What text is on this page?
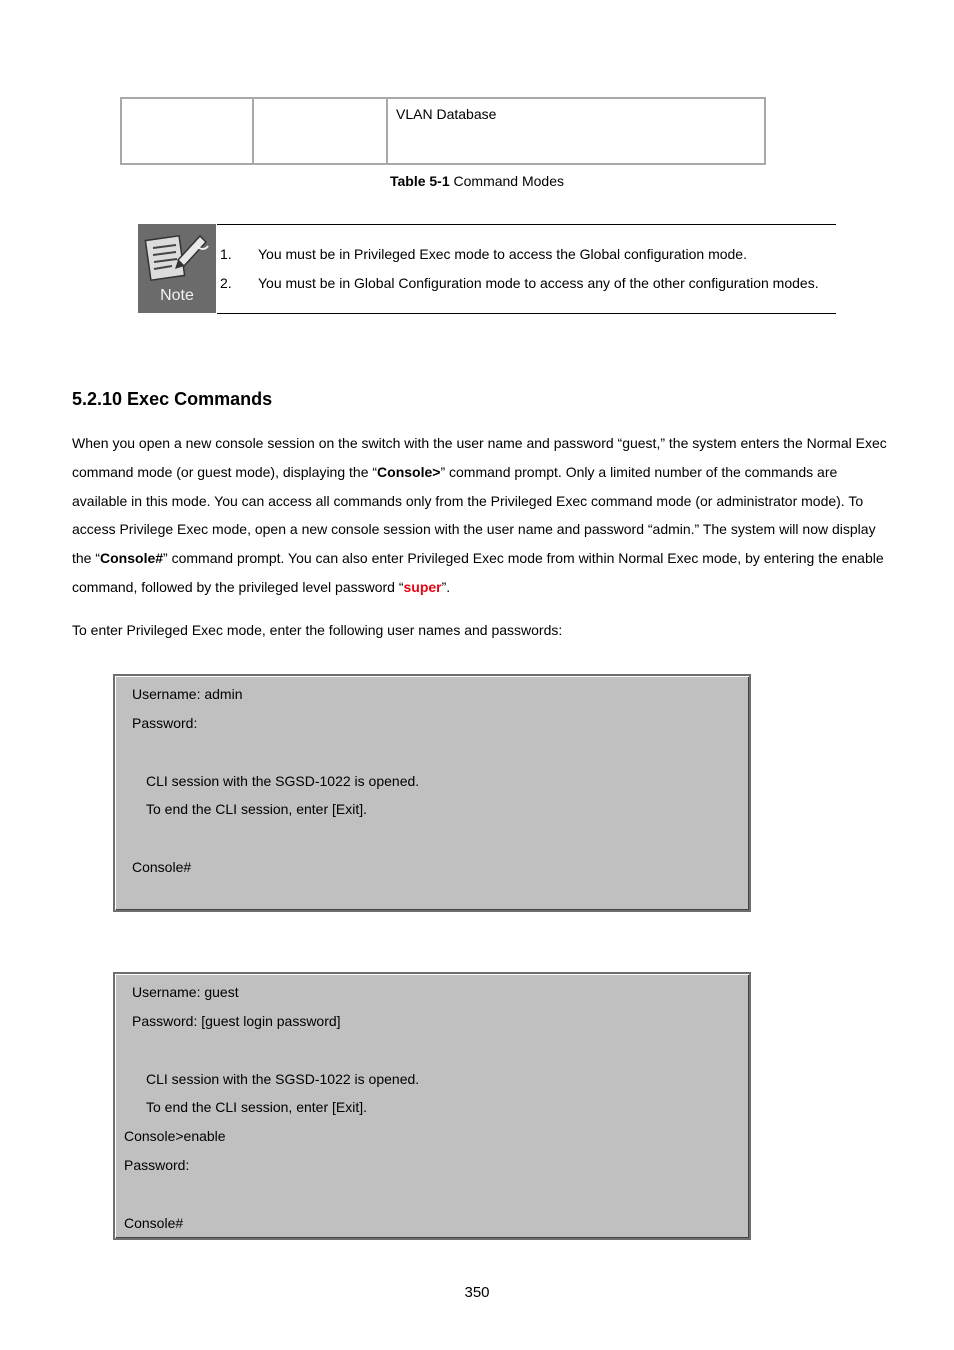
		VLAN Database
Table 5-1 Command Modes
Note
1. You must be in Privileged Exec mode to access the Global configuration mode.
2. You must be in Global Configuration mode to access any of the other configuration modes.
5.2.10 Exec Commands

When you open a new console session on the switch with the user name and password “guest,” the system enters the Normal Exec command mode (or guest mode), displaying the “Console>” command prompt. Only a limited number of the commands are available in this mode. You can access all commands only from the Privileged Exec command mode (or administrator mode). To access Privilege Exec mode, open a new console session with the user name and password “admin.” The system will now display the “Console#” command prompt. You can also enter Privileged Exec mode from within Normal Exec mode, by entering the enable command, followed by the privileged level password “super”.

To enter Privileged Exec mode, enter the following user names and passwords:

Username: admin
Password:
CLI session with the SGSD-1022 is opened.
To end the CLI session, enter [Exit].
Console#
Username: guest
Password: [guest login password]
CLI session with the SGSD-1022 is opened.
To end the CLI session, enter [Exit].
Console>enable
Password:
Console#
350
